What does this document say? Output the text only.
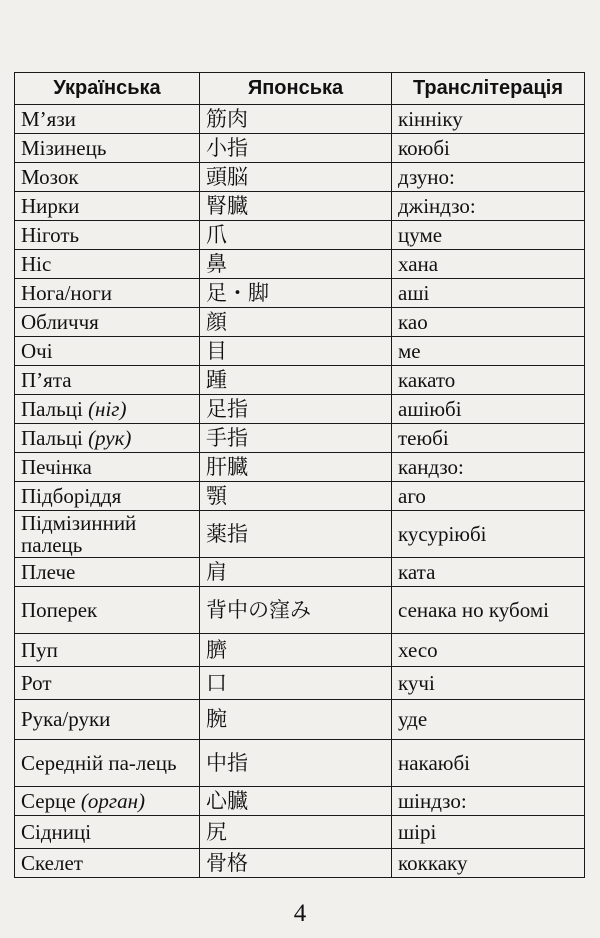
Українська	Японська	Транслітерація
М’язи	筋肉	кінніку
Мізинець	小指	коюбі
Мозок	頭脳	дзуно:
Нирки	腎臓	джіндзо:
Ніготь	爪	цуме
Ніс	鼻	хана
Нога/ноги	足・脚	аші
Обличчя	顔	као
Очі	目	ме
П’ята	踵	какато
Пальці (ніг)	足指	ашіюбі
Пальці (рук)	手指	теюбі
Печінка	肝臓	кандзо:
Підборіддя	顎	аго
Підмізинний палець	薬指	кусуріюбі
Плече	肩	ката
Поперек	背中の窪み	сенака но кубомі
Пуп	臍	хесо
Рот	口	кучі
Рука/руки	腕	уде
Середній па-лець	中指	накаюбі
Серце (орган)	心臓	шіндзо:
Сідниці	尻	шірі
Скелет	骨格	коккаку
4
